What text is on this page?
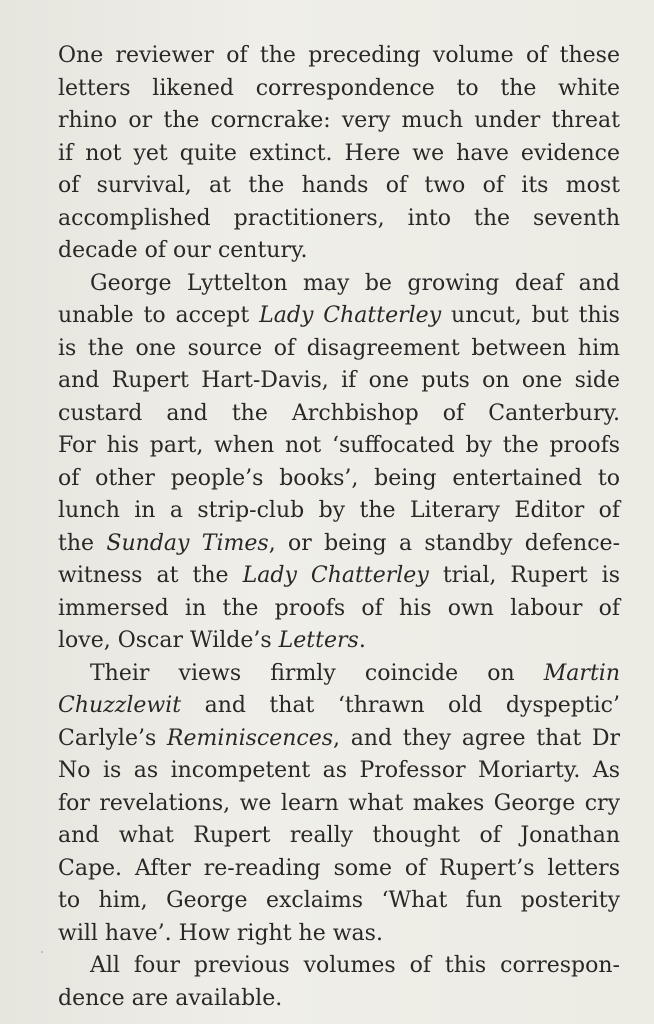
One reviewer of the preceding volume of these
letters likened correspondence to the white
rhino or the corncrake: very much under threat
if not yet quite extinct. Here we have evidence
of survival, at the hands of two of its most
accomplished practitioners, into the seventh
decade of our century.
George Lyttelton may be growing deaf and
unable to accept Lady Chatterley uncut, but this
is the one source of disagreement between him
and Rupert Hart-Davis, if one puts on one side
custard and the Archbishop of Canterbury.
For his part, when not ‘suffocated by the proofs
of other people’s books’, being entertained to
lunch in a strip-club by the Literary Editor of
the Sunday Times, or being a standby defence-
witness at the Lady Chatterley trial, Rupert is
immersed in the proofs of his own labour of
love, Oscar Wilde’s Letters.
Their views firmly coincide on Martin
Chuzzlewit and that ‘thrawn old dyspeptic’
Carlyle’s Reminiscences, and they agree that Dr
No is as incompetent as Professor Moriarty. As
for revelations, we learn what makes George cry
and what Rupert really thought of Jonathan
Cape. After re-reading some of Rupert’s letters
to him, George exclaims ‘What fun posterity
will have’. How right he was.
All four previous volumes of this correspon-
dence are available.
